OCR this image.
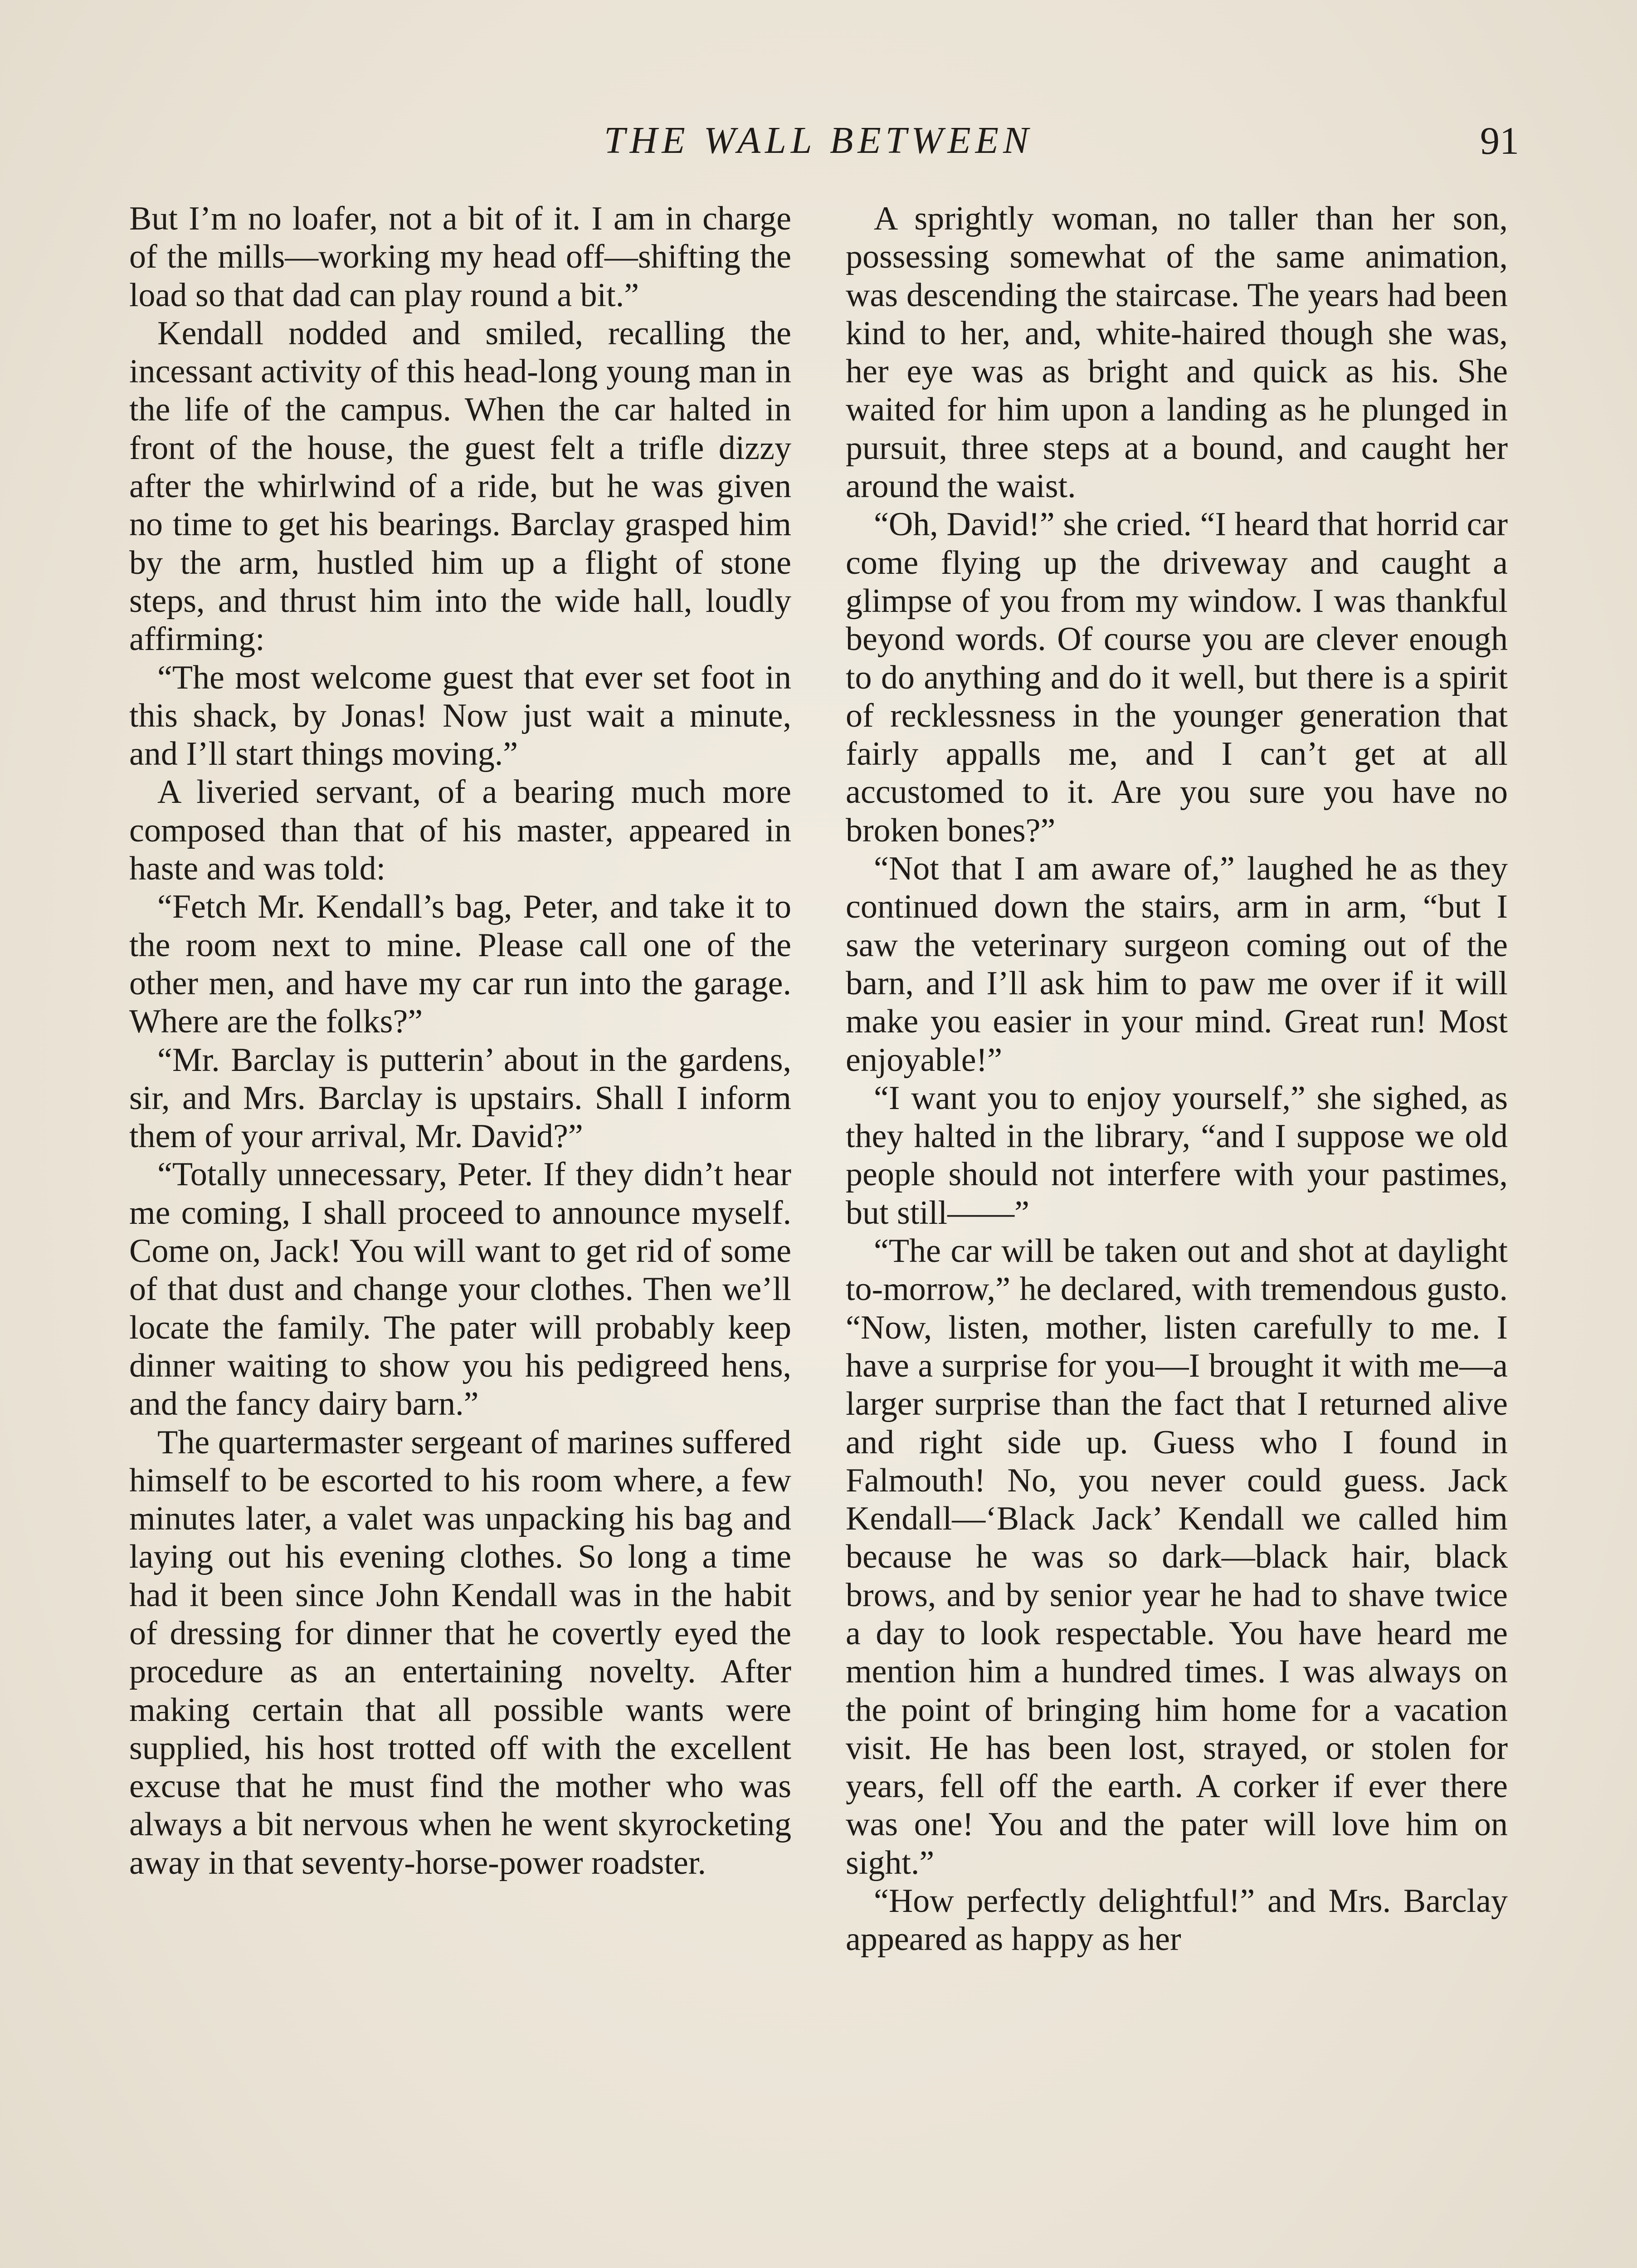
THE WALL BETWEEN	91

But I’m no loafer, not a bit of it. I am in charge of the mills—working my head off—shifting the load so that dad can play round a bit.”

Kendall nodded and smiled, recalling the incessant activity of this head-long young man in the life of the campus. When the car halted in front of the house, the guest felt a trifle dizzy after the whirlwind of a ride, but he was given no time to get his bearings. Barclay grasped him by the arm, hustled him up a flight of stone steps, and thrust him into the wide hall, loudly affirming:

“The most welcome guest that ever set foot in this shack, by Jonas! Now just wait a minute, and I’ll start things moving.”

A liveried servant, of a bearing much more composed than that of his master, appeared in haste and was told:

“Fetch Mr. Kendall’s bag, Peter, and take it to the room next to mine. Please call one of the other men, and have my car run into the garage. Where are the folks?”

“Mr. Barclay is putterin’ about in the gardens, sir, and Mrs. Barclay is upstairs. Shall I inform them of your arrival, Mr. David?”

“Totally unnecessary, Peter. If they didn’t hear me coming, I shall proceed to announce myself. Come on, Jack! You will want to get rid of some of that dust and change your clothes. Then we’ll locate the family. The pater will probably keep dinner waiting to show you his pedigreed hens, and the fancy dairy barn.”

The quartermaster sergeant of marines suffered himself to be escorted to his room where, a few minutes later, a valet was unpacking his bag and laying out his evening clothes. So long a time had it been since John Kendall was in the habit of dressing for dinner that he covertly eyed the procedure as an entertaining novelty. After making certain that all possible wants were supplied, his host trotted off with the excellent excuse that he must find the mother who was always a bit nervous when he went skyrocketing away in that seventy-horse-power roadster.

A sprightly woman, no taller than her son, possessing somewhat of the same animation, was descending the staircase. The years had been kind to her, and, white-haired though she was, her eye was as bright and quick as his. She waited for him upon a landing as he plunged in pursuit, three steps at a bound, and caught her around the waist.

“Oh, David!” she cried. “I heard that horrid car come flying up the driveway and caught a glimpse of you from my window. I was thankful beyond words. Of course you are clever enough to do anything and do it well, but there is a spirit of recklessness in the younger generation that fairly appalls me, and I can’t get at all accustomed to it. Are you sure you have no broken bones?”

“Not that I am aware of,” laughed he as they continued down the stairs, arm in arm, “but I saw the veterinary surgeon coming out of the barn, and I’ll ask him to paw me over if it will make you easier in your mind. Great run! Most enjoyable!”

“I want you to enjoy yourself,” she sighed, as they halted in the library, “and I suppose we old people should not interfere with your pastimes, but still——”

“The car will be taken out and shot at daylight to-morrow,” he declared, with tremendous gusto. “Now, listen, mother, listen carefully to me. I have a surprise for you—I brought it with me—a larger surprise than the fact that I returned alive and right side up. Guess who I found in Falmouth! No, you never could guess. Jack Kendall—‘Black Jack’ Kendall we called him because he was so dark—black hair, black brows, and by senior year he had to shave twice a day to look respectable. You have heard me mention him a hundred times. I was always on the point of bringing him home for a vacation visit. He has been lost, strayed, or stolen for years, fell off the earth. A corker if ever there was one! You and the pater will love him on sight.”

“How perfectly delightful!” and Mrs. Barclay appeared as happy as her
